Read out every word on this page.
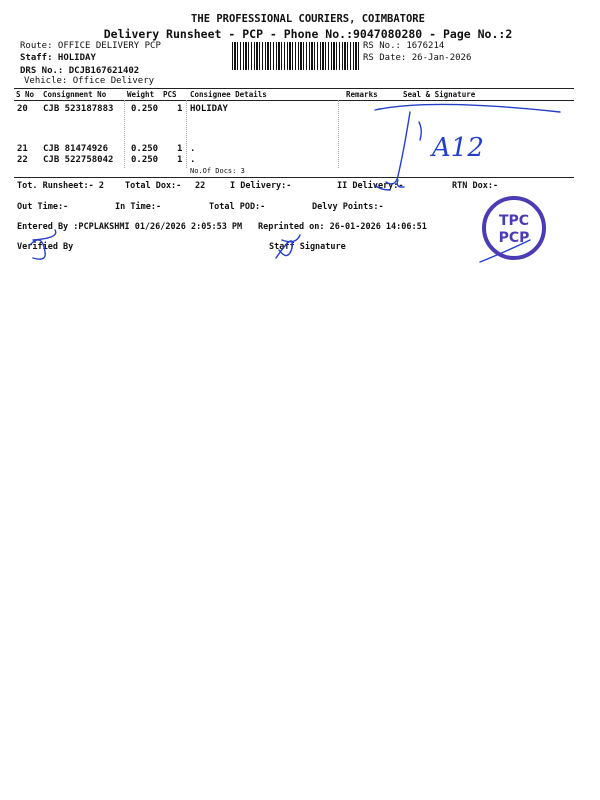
THE PROFESSIONAL COURIERS, COIMBATORE
Delivery Runsheet - PCP - Phone No.:9047080280 - Page No.:2
Route: OFFICE DELIVERY PCP
Staff: HOLIDAY
DRS No.: DCJB167621402
Vehicle: Office Delivery
RS No.: 1676214
RS Date: 26-Jan-2026
S No Consignment No	Weight PCS Consignee Details	Remarks	Seal & Signature
20 CJB 523187883 0.250 1 HOLIDAY
21 CJB 81474926	0.250 1 .
22 CJB 522758042 0.250 1 .
No.Of Docs: 3
Tot. Runsheet:- 2 Total Dox:- 22	I Delivery:-	II Delivery:-	RTN Dox:-
Out Time:-	In Time:-	Total POD:-	Delvy Points:-
Entered By :PCPLAKSHMI 01/26/2026 2:05:53 PM Reprinted on: 26-01-2026 14:06:51
Verified By	Staff Signature
A12
TPC
PCP
